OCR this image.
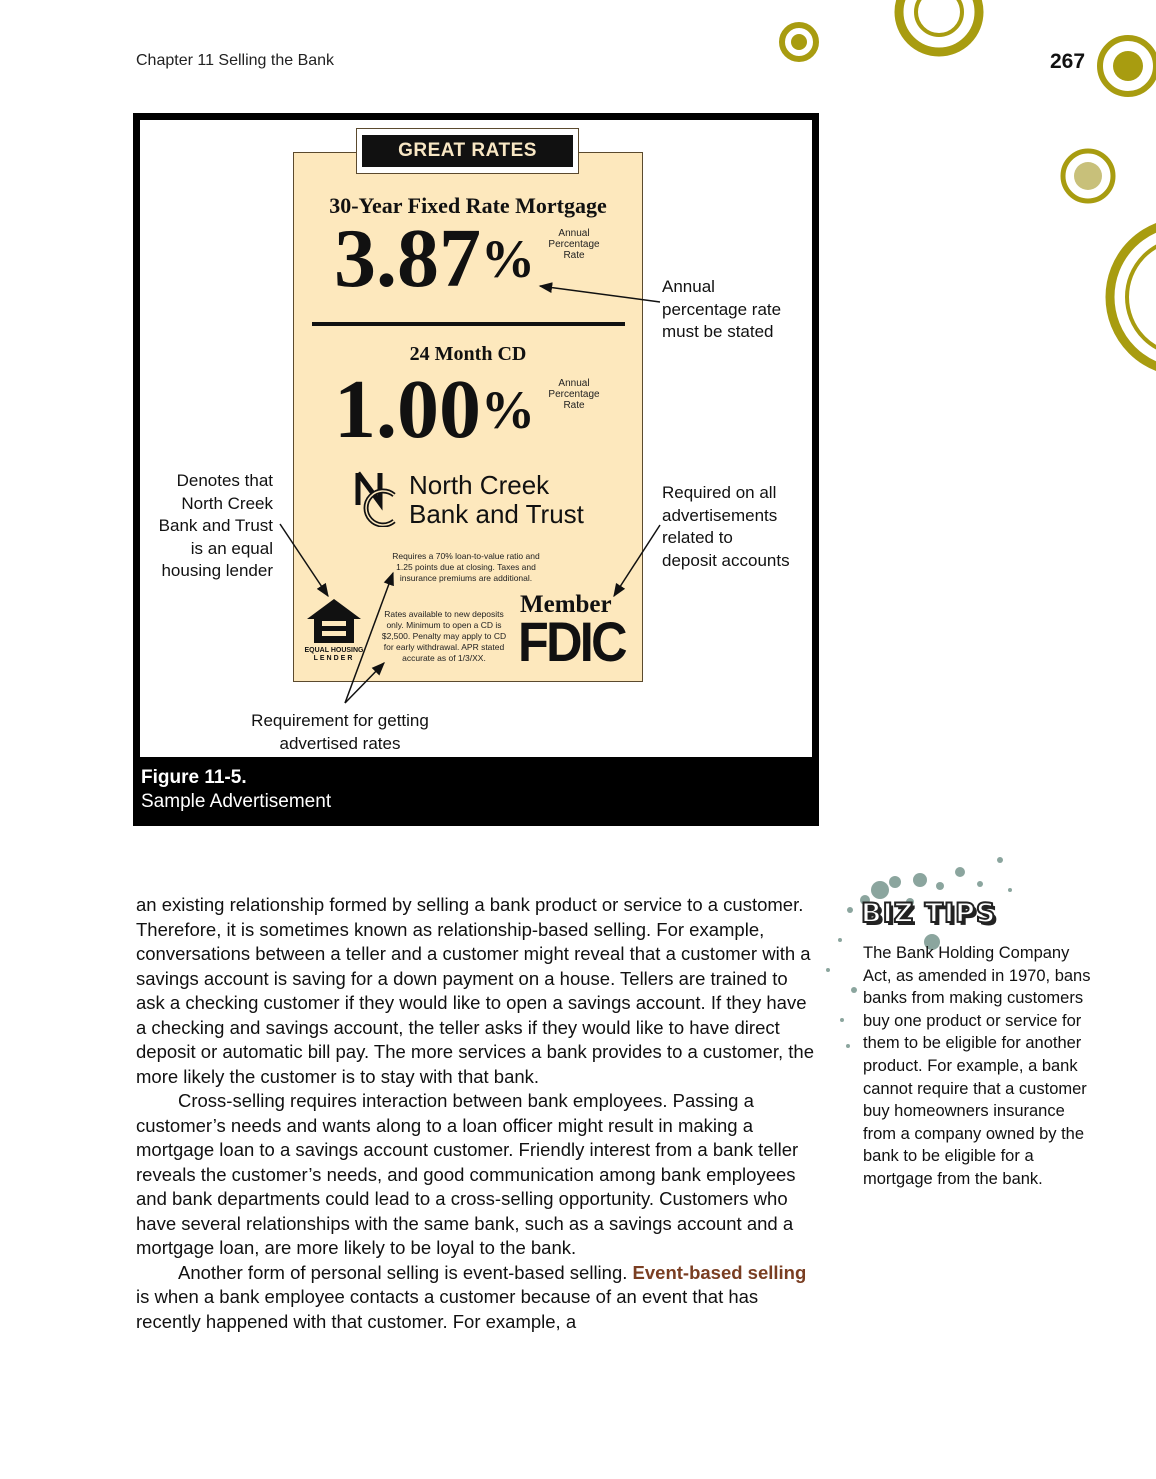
Chapter 11 Selling the Bank	267
GREAT RATES
30-Year Fixed Rate Mortgage
3.87%	Annual
Percentage
Rate
24 Month CD
1.00%	Annual
Percentage
Rate
North Creek
Bank and Trust
Requires a 70% loan-to-value ratio and 1.25 points due at closing. Taxes and insurance premiums are additional.
Rates available to new deposits only. Minimum to open a CD is $2,500. Penalty may apply to CD for early withdrawal. APR stated accurate as of 1/3/XX.
EQUAL HOUSING
LENDER
Member
FDIC
Annual
percentage rate
must be stated
Required on all
advertisements
related to
deposit accounts
Denotes that
North Creek
Bank and Trust
is an equal
housing lender
Requirement for getting
advertised rates
Figure 11-5.
Sample Advertisement

an existing relationship formed by selling a bank product or service to a customer. Therefore, it is sometimes known as relationship-based selling. For example, conversations between a teller and a customer might reveal that a customer with a savings account is saving for a down payment on a house. Tellers are trained to ask a checking customer if they would like to open a savings account. If they have a checking and savings account, the teller asks if they would like to have direct deposit or automatic bill pay. The more services a bank provides to a customer, the more likely the customer is to stay with that bank.

Cross-selling requires interaction between bank employees. Passing a customer’s needs and wants along to a loan officer might result in making a mortgage loan to a savings account customer. Friendly interest from a bank teller reveals the customer’s needs, and good communication among bank employees and bank departments could lead to a cross-selling opportunity. Customers who have several relationships with the same bank, such as a savings account and a mortgage loan, are more likely to be loyal to the bank.

Another form of personal selling is event-based selling. Event-based selling is when a bank employee contacts a customer because of an event that has recently happened with that customer. For example, a

BIZ TIPS
The Bank Holding Company Act, as amended in 1970, bans banks from making customers buy one product or service for them to be eligible for another product. For example, a bank cannot require that a customer buy homeowners insurance from a company owned by the bank to be eligible for a mortgage from the bank.
